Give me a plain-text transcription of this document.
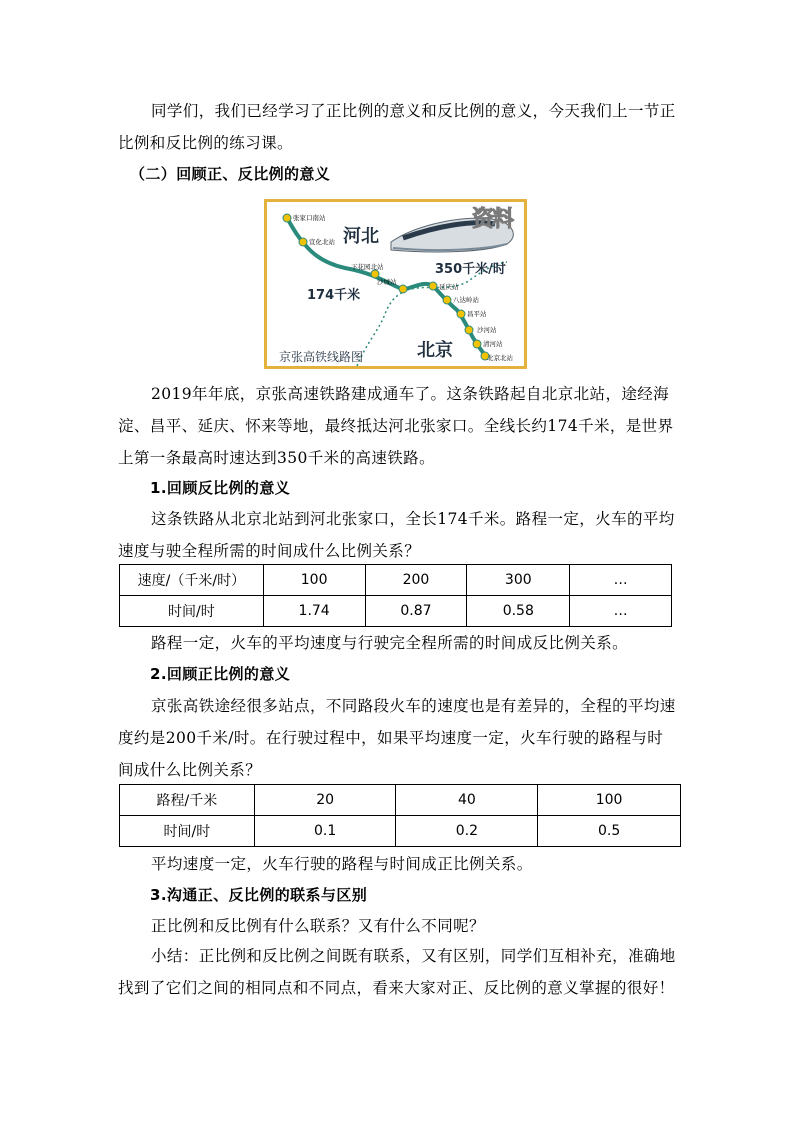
同学们，我们已经学习了正比例的意义和反比例的意义，今天我们上一节正比例和反比例的练习课。

（二）回顾正、反比例的意义
资料
河北
350千米/时
174千米
北京
京张高铁线路图
张家口南站
宣化北站
下花园北站
沙城站
延庆站
八达岭站
昌平站
沙河站
清河站
北京北站

2019年年底，京张高速铁路建成通车了。这条铁路起自北京北站，途经海淀、昌平、延庆、怀来等地，最终抵达河北张家口。全线长约174千米，是世界上第一条最高时速达到350千米的高速铁路。

1.回顾反比例的意义

这条铁路从北京北站到河北张家口，全长174千米。路程一定，火车的平均速度与驶全程所需的时间成什么比例关系？

速度/（千米/时）	100	200	300	…
时间/时	1.74	0.87	0.58	…
路程一定，火车的平均速度与行驶完全程所需的时间成反比例关系。
2.回顾正比例的意义

京张高铁途经很多站点，不同路段火车的速度也是有差异的，全程的平均速度约是200千米/时。在行驶过程中，如果平均速度一定，火车行驶的路程与时间成什么比例关系？

路程/千米	20	40	100
时间/时	0.1	0.2	0.5
平均速度一定，火车行驶的路程与时间成正比例关系。
3.沟通正、反比例的联系与区别
正比例和反比例有什么联系？又有什么不同呢？

小结：正比例和反比例之间既有联系，又有区别，同学们互相补充，准确地找到了它们之间的相同点和不同点，看来大家对正、反比例的意义掌握的很好！
